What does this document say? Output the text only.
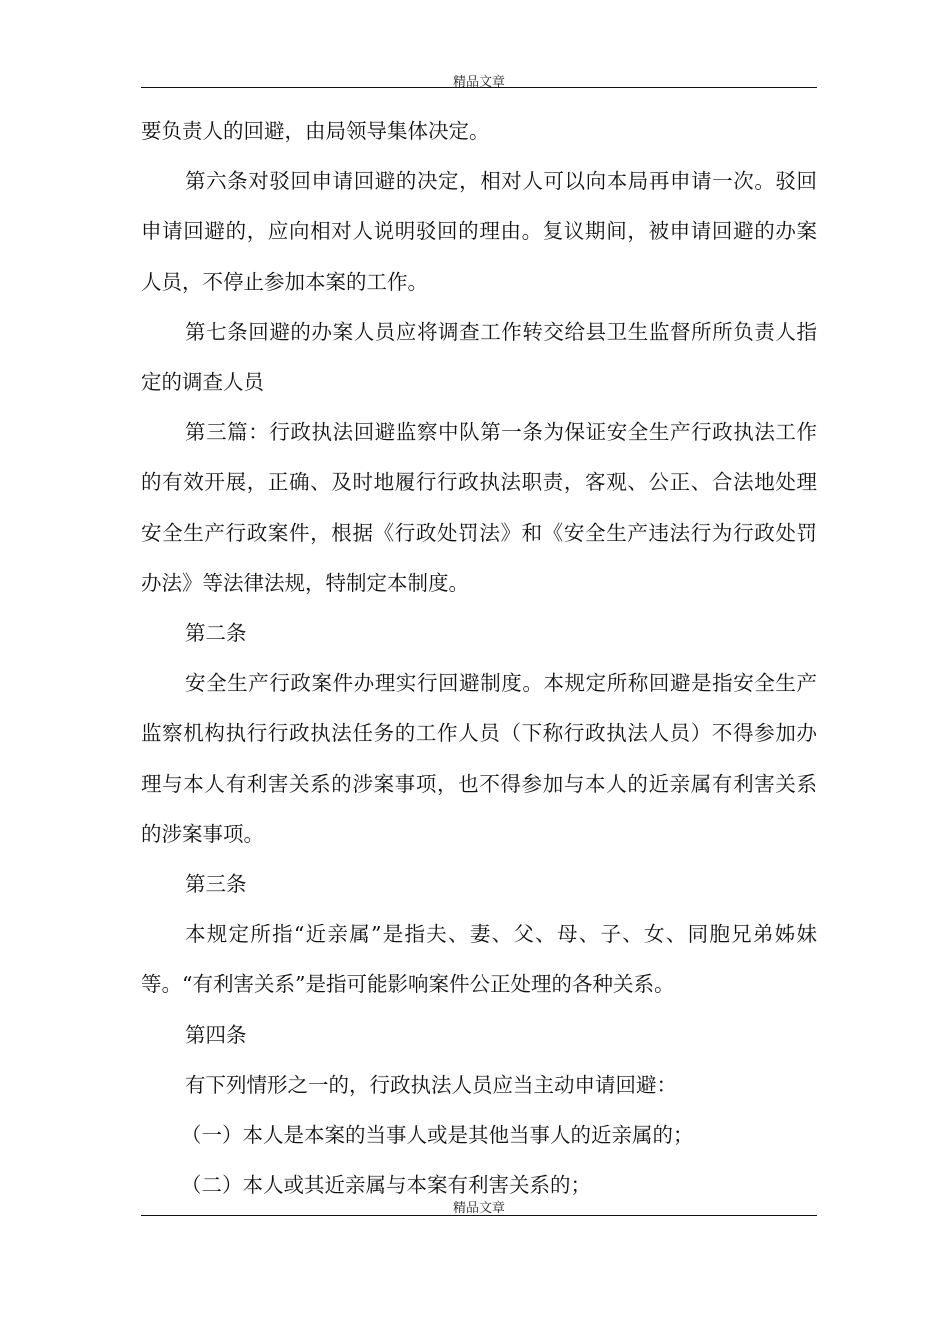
精品文章

要负责人的回避，由局领导集体决定。

第六条对驳回申请回避的决定，相对人可以向本局再申请一次。驳回申请回避的，应向相对人说明驳回的理由。复议期间，被申请回避的办案人员，不停止参加本案的工作。

第七条回避的办案人员应将调查工作转交给县卫生监督所所负责人指定的调查人员

第三篇：行政执法回避监察中队第一条为保证安全生产行政执法工作的有效开展，正确、及时地履行行政执法职责，客观、公正、合法地处理安全生产行政案件，根据《行政处罚法》和《安全生产违法行为行政处罚办法》等法律法规，特制定本制度。

第二条

安全生产行政案件办理实行回避制度。本规定所称回避是指安全生产监察机构执行行政执法任务的工作人员（下称行政执法人员）不得参加办理与本人有利害关系的涉案事项，也不得参加与本人的近亲属有利害关系的涉案事项。

第三条

本规定所指“近亲属”是指夫、妻、父、母、子、女、同胞兄弟姊妹等。“有利害关系”是指可能影响案件公正处理的各种关系。

第四条

有下列情形之一的，行政执法人员应当主动申请回避：

（一）本人是本案的当事人或是其他当事人的近亲属的；

（二）本人或其近亲属与本案有利害关系的；

精品文章
